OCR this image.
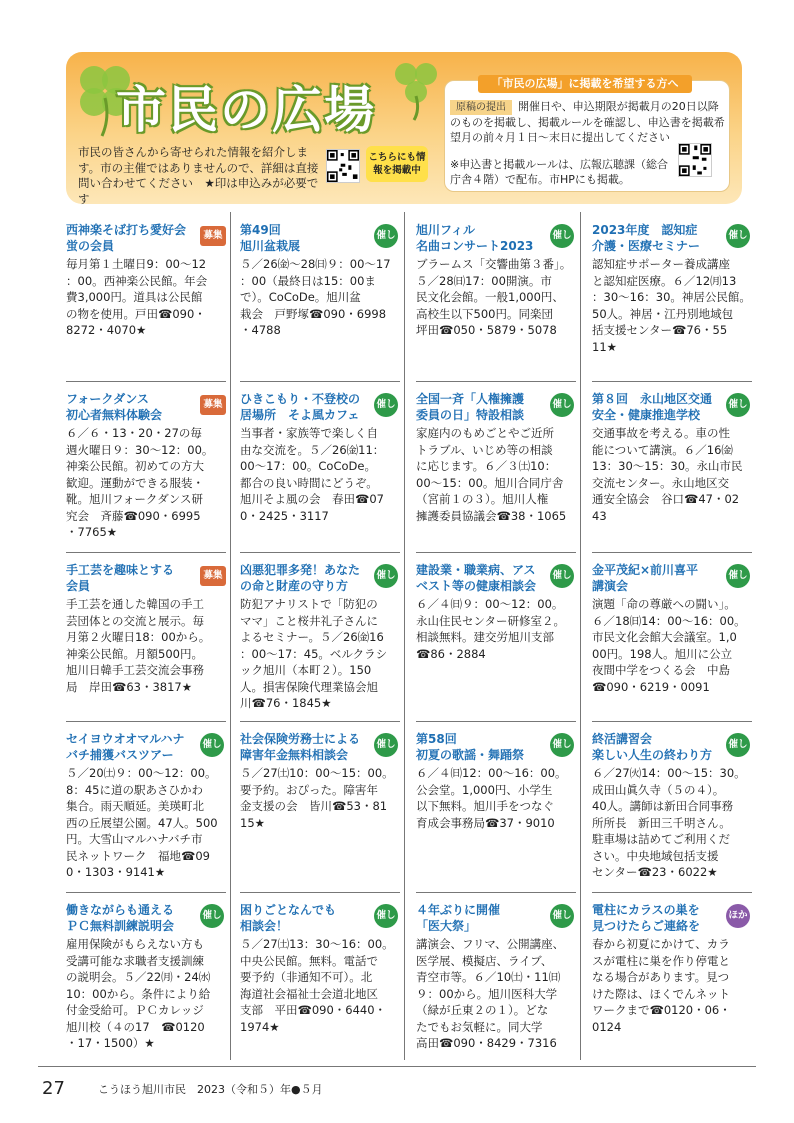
市民の広場
市民の皆さんから寄せられた情報を紹介します。市の主催ではありませんので、詳細は直接問い合わせてください　★印は申込みが必要です
こちらにも情報を掲載中
「市民の広場」に掲載を希望する方へ
原稿の提出 開催日や、申込期限が掲載月の20日以降のものを掲載し、掲載ルールを確認し、申込書を掲載希望月の前々月１日～末日に提出してください
※申込書と掲載ルールは、広報広聴課（総合庁舎４階）で配布。市HPにも掲載。
西神楽そば打ち愛好会
蛍の会員
募集
毎月第１土曜日9：00～12
：00。西神楽公民館。年会
費3,000円。道具は公民館
の物を使用。戸田☎090・
8272・4070★
フォークダンス
初心者無料体験会
募集
６／６・13・20・27の毎
週火曜日９：30～12：00。
神楽公民館。初めての方大
歓迎。運動ができる服装・
靴。旭川フォークダンス研
究会　斉藤☎090・6995
・7765★
手工芸を趣味とする
会員
募集
手工芸を通した韓国の手工
芸団体との交流と展示。毎
月第２火曜日18：00から。
神楽公民館。月額500円。
旭川日韓手工芸交流会事務
局　岸田☎63・3817★
セイヨウオオマルハナ
バチ捕獲バスツアー
催し
５／20㈯９：00～12：00。
8：45に道の駅あさひかわ
集合。雨天順延。美瑛町北
西の丘展望公園。47人。500
円。大雪山マルハナバチ市
民ネットワーク　福地☎09
0・1303・9141★
働きながらも通える
ＰＣ無料訓練説明会
催し
雇用保険がもらえない方も
受講可能な求職者支援訓練
の説明会。５／22㈪・24㈬
10：00から。条件により給
付金受給可。ＰＣカレッジ
旭川校（４の17　☎0120
・17・1500）★
第49回
旭川盆栽展
催し
５／26㈮～28㈰９：00～17
：00（最終日は15：00ま
で）。CoCoDe。旭川盆
栽会　戸野塚☎090・6998
・4788
ひきこもり・不登校の
居場所　そよ風カフェ
催し
当事者・家族等で楽しく自
由な交流を。５／26㈮11：
00～17：00。CoCoDe。
都合の良い時間にどうぞ。
旭川そよ風の会　春田☎07
0・2425・3117
凶悪犯罪多発！あなた
の命と財産の守り方
催し
防犯アナリストで「防犯の
ママ」こと桜井礼子さんに
よるセミナー。５／26㈮16
：00～17：45。ベルクラシ
ック旭川（本町２）。150
人。損害保険代理業協会旭
川☎76・1845★
社会保険労務士による
障害年金無料相談会
催し
５／27㈯10：00～15：00。
要予約。おぴった。障害年
金支援の会　皆川☎53・81
15★
困りごとなんでも
相談会！
催し
５／27㈯13：30～16：00。
中央公民館。無料。電話で
要予約（非通知不可）。北
海道社会福祉士会道北地区
支部　平田☎090・6440・
1974★
旭川フィル
名曲コンサート2023
催し
ブラームス「交響曲第３番」。
５／28㈰17：00開演。市
民文化会館。一般1,000円、
高校生以下500円。同楽団
坪田☎050・5879・5078
全国一斉「人権擁護
委員の日」特設相談
催し
家庭内のもめごとやご近所
トラブル、いじめ等の相談
に応じます。６／３㈯10：
00～15：00。旭川合同庁舎
（宮前１の３）。旭川人権
擁護委員協議会☎38・1065
建設業・職業病、アス
ベスト等の健康相談会
催し
６／４㈰９：00～12：00。
永山住民センター研修室２。
相談無料。建交労旭川支部
☎86・2884
第58回
初夏の歌謡・舞踊祭
催し
６／４㈰12：00～16：00。
公会堂。1,000円、小学生
以下無料。旭川手をつなぐ
育成会事務局☎37・9010
４年ぶりに開催
「医大祭」
催し
講演会、フリマ、公開講座、
医学展、模擬店、ライブ、
青空市等。６／10㈯・11㈰
９：00から。旭川医科大学
（緑が丘東２の１）。どな
たでもお気軽に。同大学
高田☎090・8429・7316
2023年度　認知症
介護・医療セミナー
催し
認知症サポーター養成講座
と認知症医療。６／12㈪13
：30～16：30。神居公民館。
50人。神居・江丹別地域包
括支援センター☎76・55
11★
第８回　永山地区交通
安全・健康推進学校
催し
交通事故を考える。車の性
能について講演。６／16㈮
13：30～15：30。永山市民
交流センター。永山地区交
通安全協会　谷口☎47・02
43
金平茂紀×前川喜平
講演会
催し
演題「命の尊厳への闘い」。
６／18㈰14：00～16：00。
市民文化会館大会議室。1,0
00円。198人。旭川に公立
夜間中学をつくる会　中島
☎090・6219・0091
終活講習会
楽しい人生の終わり方
催し
６／27㈫14：00～15：30。
成田山眞久寺（５の４）。
40人。講師は新田合同事務
所所長　新田三千明さん。
駐車場は詰めてご利用くだ
さい。中央地域包括支援
センター☎23・6022★
電柱にカラスの巣を
見つけたらご連絡を
ほか
春から初夏にかけて、カラ
スが電柱に巣を作り停電と
なる場合があります。見つ
けた際は、ほくでんネット
ワークまで☎0120・06・
0124
27	こうほう旭川市民　2023（令和５）年●５月
